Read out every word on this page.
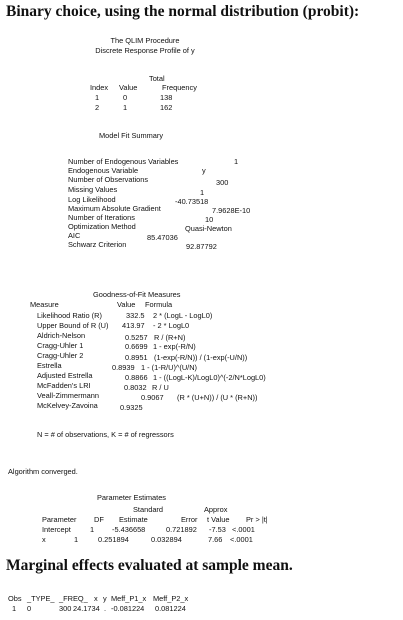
Binary choice, using the normal distribution (probit):
The QLIM Procedure
Discrete Response Profile of y
Total
Index Value	Frequency
1	0	138
2	1	162
Model Fit Summary
Number of Endogenous Variables	1
Endogenous Variable	y
Number of Observations	300
Missing Values	1
Log Likelihood	-40.73518
Maximum Absolute Gradient	7.9628E-10
Number of Iterations	10
Optimization Method	Quasi-Newton
AIC	85.47036
Schwarz Criterion	92.87792
Goodness-of-Fit Measures
Measure	Value Formula
Likelihood Ratio (R)	332.5 2 * (LogL - LogL0)
Upper Bound of R (U) 413.97 - 2 * LogL0
Aldrich-Nelson	0.5257 R / (R+N)
Cragg-Uhler 1	0.6699 1 - exp(-R/N)
Cragg-Uhler 2	0.8951 (1-exp(-R/N)) / (1-exp(-U/N))
Estrella	0.8939 1 - (1-R/U)^(U/N)
Adjusted Estrella	0.8866 1 - ((LogL-K)/LogL0)^(-2/N*LogL0)
McFadden's LRI	0.8032 R / U
Veall-Zimmermann	0.9067 (R * (U+N)) / (U * (R+N))
McKelvey-Zavoina	0.9325
N = # of observations, K = # of regressors
Algorithm converged.
Parameter Estimates
Standard	Approx
Parameter DF Estimate	Error t Value Pr > |t|
Intercept	1 -5.436658	0.721892 -7.53 <.0001
x	1	0.251894	0.032894	7.66 <.0001
Marginal effects evaluated at sample mean.
Obs _TYPE_ _FREQ_ x y Meff_P1_x Meff_P2_x
1 0	300 24.1734 . -0.081224 0.081224
